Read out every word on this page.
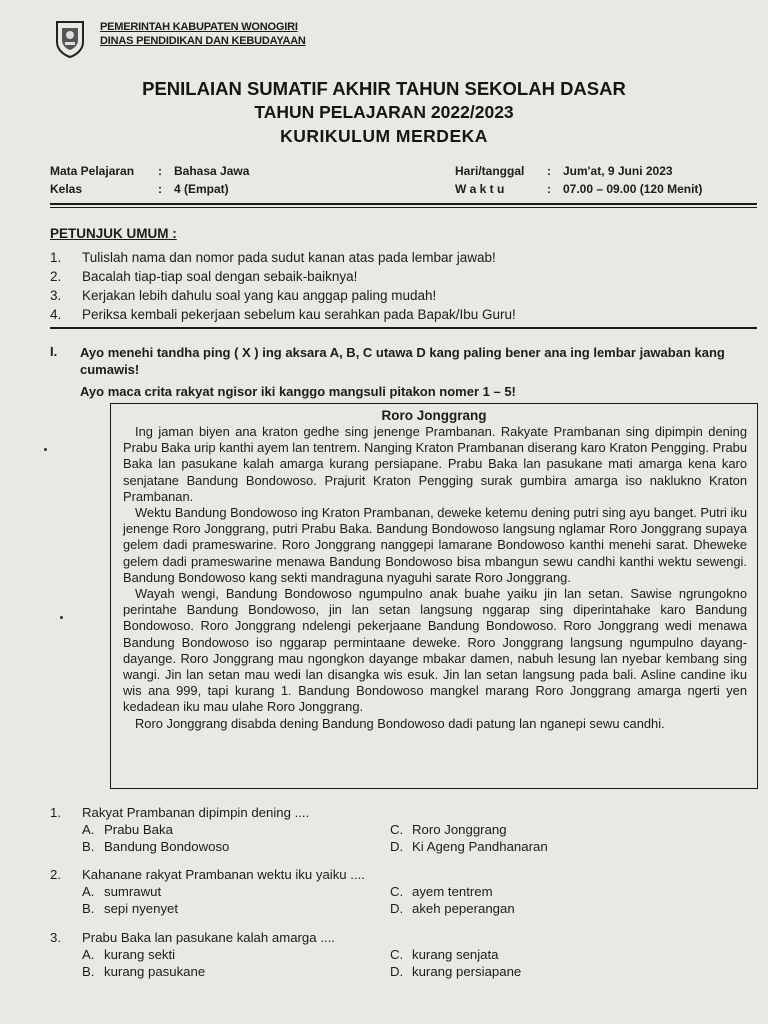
PEMERINTAH KABUPATEN WONOGIRI
DINAS PENDIDIKAN DAN KEBUDAYAAN
PENILAIAN SUMATIF AKHIR TAHUN SEKOLAH DASAR
TAHUN PELAJARAN 2022/2023
KURIKULUM MERDEKA
Mata Pelajaran : Bahasa Jawa
Kelas	: 4 (Empat)
Hari/tanggal : Jum'at, 9 Juni 2023
W a k t u	: 07.00 – 09.00 (120 Menit)
PETUNJUK UMUM :
1.	Tulislah nama dan nomor pada sudut kanan atas pada lembar jawab!
2.	Bacalah tiap-tiap soal dengan sebaik-baiknya!
3.	Kerjakan lebih dahulu soal yang kau anggap paling mudah!
4.	Periksa kembali pekerjaan sebelum kau serahkan pada Bapak/Ibu Guru!
I. Ayo menehi tandha ping ( X ) ing aksara A, B, C utawa D kang paling bener ana ing lembar jawaban kang cumawis!
Ayo maca crita rakyat ngisor iki kanggo mangsuli pitakon nomer 1 – 5!
Roro Jonggrang

Ing jaman biyen ana kraton gedhe sing jenenge Prambanan. Rakyate Prambanan sing dipimpin dening Prabu Baka urip kanthi ayem lan tentrem. Nanging Kraton Prambanan diserang karo Kraton Pengging. Prabu Baka lan pasukane kalah amarga kurang persiapane. Prabu Baka lan pasukane mati amarga kena karo senjatane Bandung Bondowoso. Prajurit Kraton Pengging surak gumbira amarga iso naklukno Kraton Prambanan.

Wektu Bandung Bondowoso ing Kraton Prambanan, deweke ketemu dening putri sing ayu banget. Putri iku jenenge Roro Jonggrang, putri Prabu Baka. Bandung Bondowoso langsung nglamar Roro Jonggrang supaya gelem dadi prameswarine. Roro Jonggrang nanggepi lamarane Bondowoso kanthi menehi sarat. Dheweke gelem dadi prameswarine menawa Bandung Bondowoso bisa mbangun sewu candhi kanthi wektu sewengi. Bandung Bondowoso kang sekti mandraguna nyaguhi sarate Roro Jonggrang.

Wayah wengi, Bandung Bondowoso ngumpulno anak buahe yaiku jin lan setan. Sawise ngrungokno perintahe Bandung Bondowoso, jin lan setan langsung nggarap sing diperintahake karo Bandung Bondowoso. Roro Jonggrang ndelengi pekerjaane Bandung Bondowoso. Roro Jonggrang wedi menawa Bandung Bondowoso iso nggarap permintaane deweke. Roro Jonggrang langsung ngumpulno dayang-dayange. Roro Jonggrang mau ngongkon dayange mbakar damen, nabuh lesung lan nyebar kembang sing wangi. Jin lan setan mau wedi lan disangka wis esuk. Jin lan setan langsung pada bali. Asline candine iku wis ana 999, tapi kurang 1. Bandung Bondowoso mangkel marang Roro Jonggrang amarga ngerti yen kedadean iku mau ulahe Roro Jonggrang.

Roro Jonggrang disabda dening Bandung Bondowoso dadi patung lan nganepi sewu candhi.

1. Rakyat Prambanan dipimpin dening ....
A. Prabu Baka
B. Bandung Bondowoso
C. Roro Jonggrang
D. Ki Ageng Pandhanaran
2. Kahanane rakyat Prambanan wektu iku yaiku ....
A. sumrawut
B. sepi nyenyet
C. ayem tentrem
D. akeh peperangan
3. Prabu Baka lan pasukane kalah amarga ....
A. kurang sekti
B. kurang pasukane
C. kurang senjata
D. kurang persiapane
